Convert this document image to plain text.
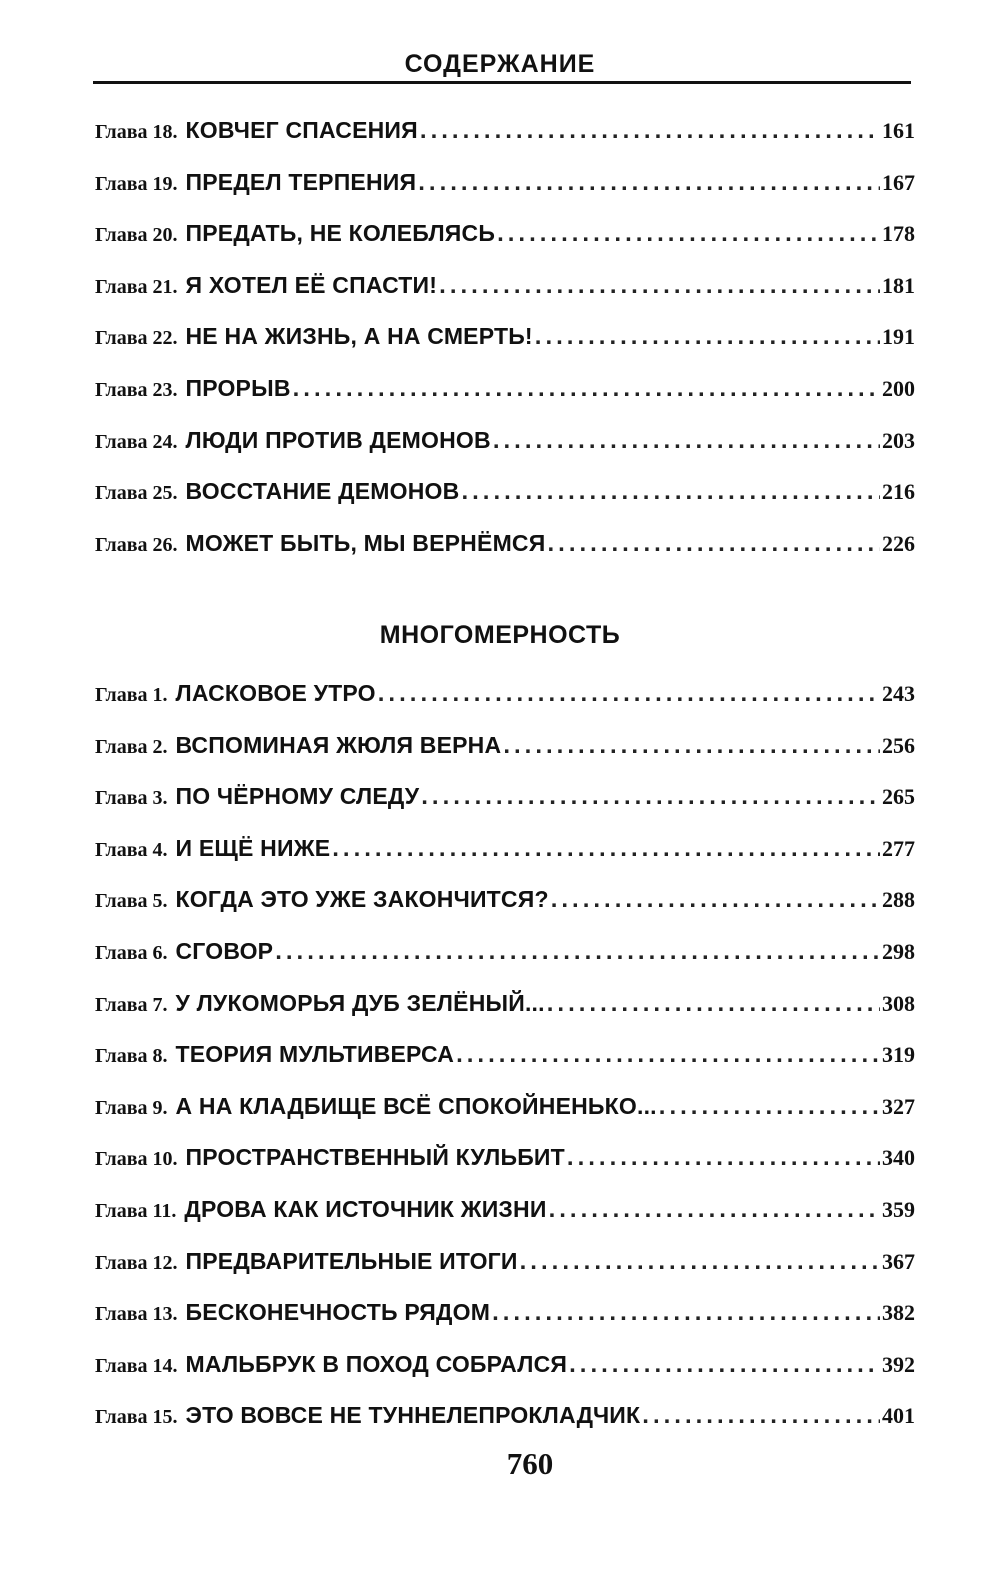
СОДЕРЖАНИЕ
Глава 18. КОВЧЕГ СПАСЕНИЯ .....	161
Глава 19. ПРЕДЕЛ ТЕРПЕНИЯ .....	167
Глава 20. ПРЕДАТЬ, НЕ КОЛЕБЛЯСЬ .....	178
Глава 21. Я ХОТЕЛ ЕЁ СПАСТИ! .....	181
Глава 22. НЕ НА ЖИЗНЬ, А НА СМЕРТЬ! .....	191
Глава 23. ПРОРЫВ .....	200
Глава 24. ЛЮДИ ПРОТИВ ДЕМОНОВ .....	203
Глава 25. ВОССТАНИЕ ДЕМОНОВ .....	216
Глава 26. МОЖЕТ БЫТЬ, МЫ ВЕРНЁМСЯ .....	226
МНОГОМЕРНОСТЬ
Глава 1. ЛАСКОВОЕ УТРО .....	243
Глава 2. ВСПОМИНАЯ ЖЮЛЯ ВЕРНА .....	256
Глава 3. ПО ЧЁРНОМУ СЛЕДУ .....	265
Глава 4. И ЕЩЁ НИЖЕ .....	277
Глава 5. КОГДА ЭТО УЖЕ ЗАКОНЧИТСЯ? .....	288
Глава 6. СГОВОР .....	298
Глава 7. У ЛУКОМОРЬЯ ДУБ ЗЕЛЁНЫЙ... .....	308
Глава 8. ТЕОРИЯ МУЛЬТИВЕРСА .....	319
Глава 9. А НА КЛАДБИЩЕ ВСЁ СПОКОЙНЕНЬКО... .....	327
Глава 10. ПРОСТРАНСТВЕННЫЙ КУЛЬБИТ .....	340
Глава 11. ДРОВА КАК ИСТОЧНИК ЖИЗНИ .....	359
Глава 12. ПРЕДВАРИТЕЛЬНЫЕ ИТОГИ .....	367
Глава 13. БЕСКОНЕЧНОСТЬ РЯДОМ .....	382
Глава 14. МАЛЬБРУК В ПОХОД СОБРАЛСЯ .....	392
Глава 15. ЭТО ВОВСЕ НЕ ТУННЕЛЕПРОКЛАДЧИК .....	401
760
